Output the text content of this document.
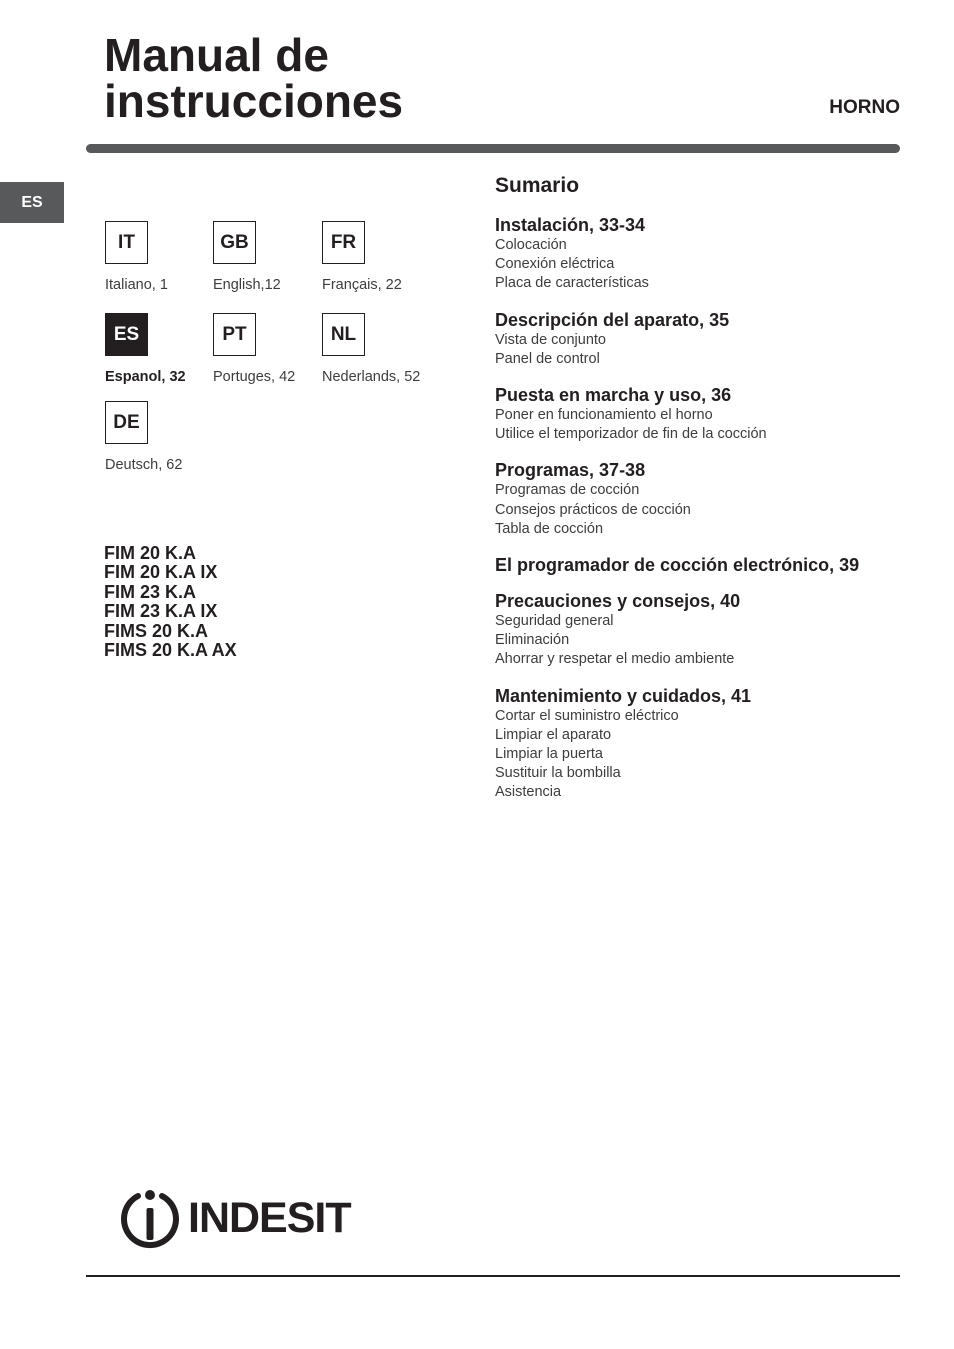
Manual de
instrucciones	HORNO
ES
IT
Italiano, 1
GB
English,12
FR
Français, 22
ES
Espanol, 32
PT
Portuges, 42
NL
Nederlands, 52
DE
Deutsch, 62
FIM 20 K.A
FIM 20 K.A IX
FIM 23 K.A
FIM 23 K.A IX
FIMS 20 K.A
FIMS 20 K.A AX
Sumario
Instalación, 33-34
Colocación
Conexión eléctrica
Placa de características
Descripción del aparato, 35
Vista de conjunto
Panel de control
Puesta en marcha y uso, 36
Poner en funcionamiento el horno
Utilice el temporizador de fin de la cocción
Programas, 37-38
Programas de cocción
Consejos prácticos de cocción
Tabla de cocción
El programador de cocción electrónico, 39
Precauciones y consejos, 40
Seguridad general
Eliminación
Ahorrar y respetar el medio ambiente
Mantenimiento y cuidados, 41
Cortar el suministro eléctrico
Limpiar el aparato
Limpiar la puerta
Sustituir la bombilla
Asistencia
INDESIT
